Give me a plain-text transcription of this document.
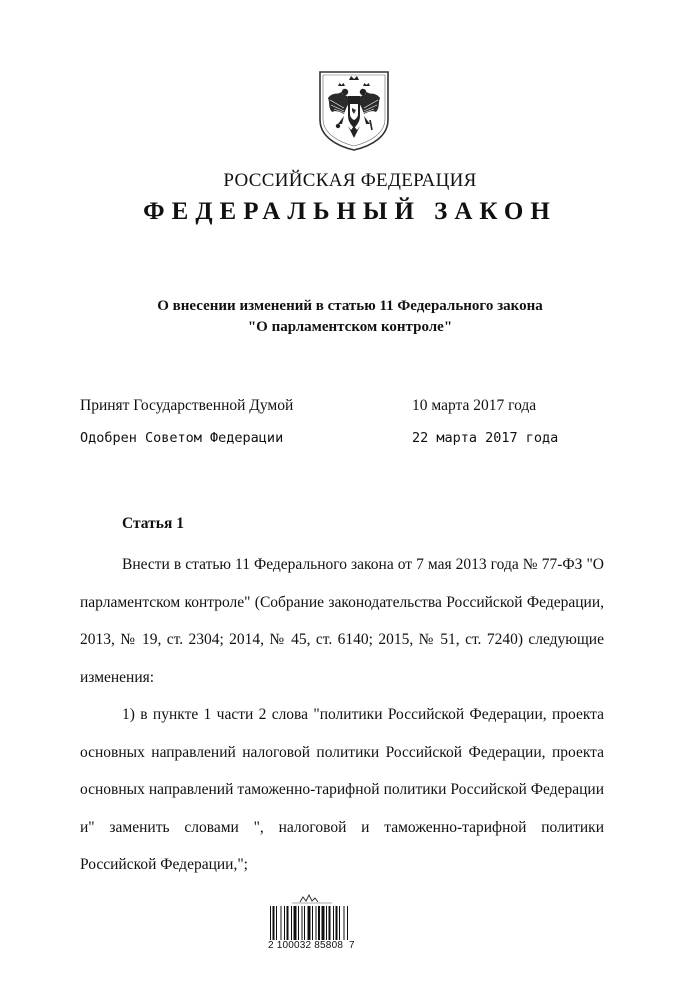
РОССИЙСКАЯ ФЕДЕРАЦИЯ
ФЕДЕРАЛЬНЫЙ ЗАКОН
О внесении изменений в статью 11 Федерального закона
"О парламентском контроле"
Принят Государственной Думой	10 марта 2017 года
Одобрен Советом Федерации	22 марта 2017 года
Статья 1

Внести в статью 11 Федерального закона от 7 мая 2013 года № 77-ФЗ "О парламентском контроле" (Собрание законодательства Российской Федерации, 2013, № 19, ст. 2304; 2014, № 45, ст. 6140; 2015, № 51, ст. 7240) следующие изменения:

1) в пункте 1 части 2 слова "политики Российской Федерации, проекта основных направлений налоговой политики Российской Федерации, проекта основных направлений таможенно-тарифной политики Российской Федерации и" заменить словами ", налоговой и таможенно-тарифной политики Российской Федерации,";

2 100032 85808  7
